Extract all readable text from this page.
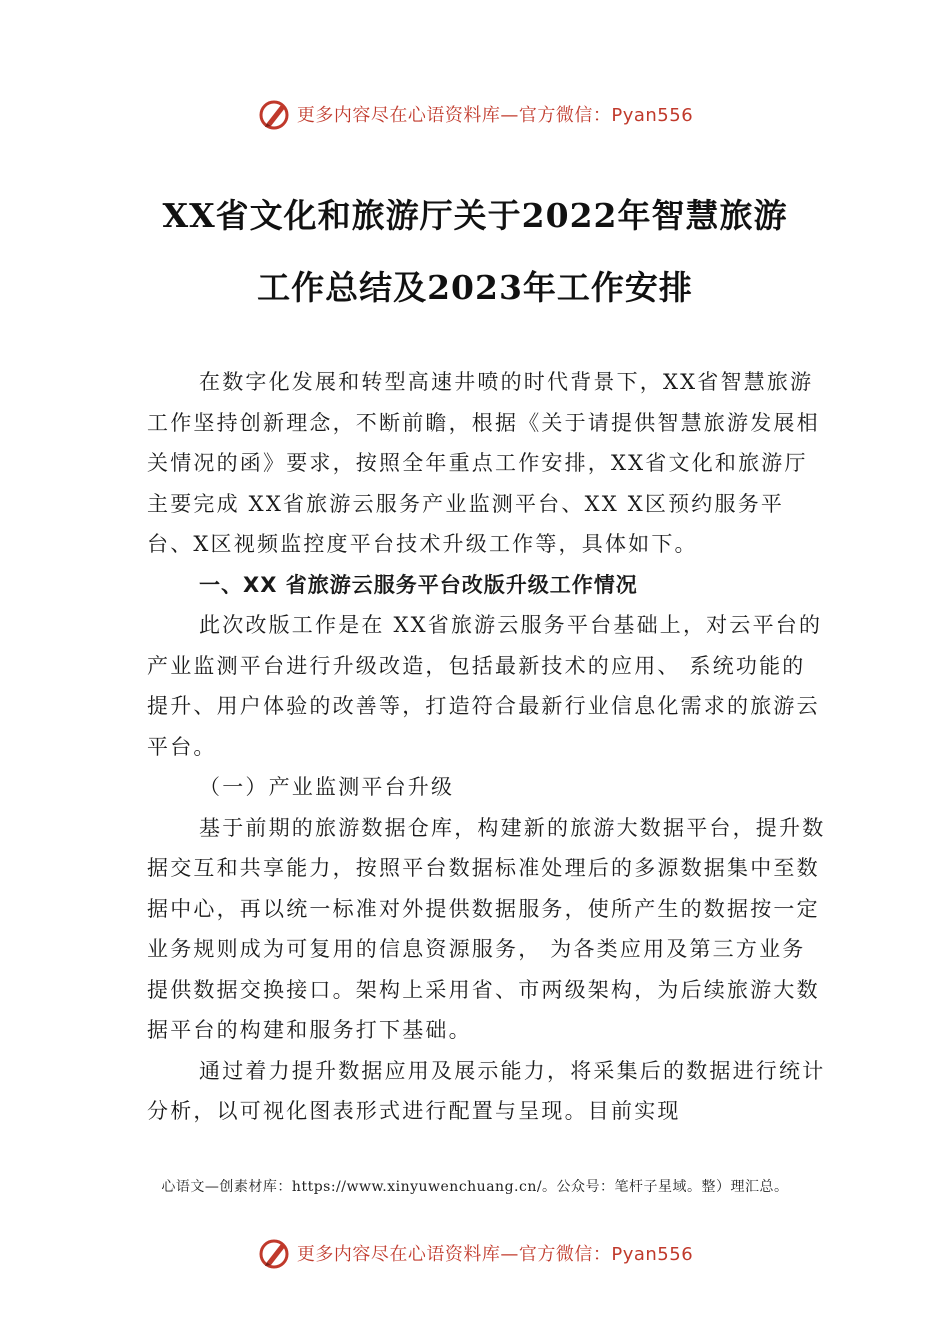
更多内容尽在心语资料库—官方微信：Pyan556
XX省文化和旅游厅关于2022年智慧旅游
工作总结及2023年工作安排

在数字化发展和转型高速井喷的时代背景下，XX省智慧旅游工作坚持创新理念，不断前瞻，根据《关于请提供智慧旅游发展相关情况的函》要求，按照全年重点工作安排，XX省文化和旅游厅主要完成 XX省旅游云服务产业监测平台、XX X区预约服务平台、X区视频监控度平台技术升级工作等，具体如下。

一、XX 省旅游云服务平台改版升级工作情况

此次改版工作是在 XX省旅游云服务平台基础上，对云平台的产业监测平台进行升级改造，包括最新技术的应用、 系统功能的提升、用户体验的改善等，打造符合最新行业信息化需求的旅游云平台。

（一）产业监测平台升级

基于前期的旅游数据仓库，构建新的旅游大数据平台，提升数据交互和共享能力，按照平台数据标准处理后的多源数据集中至数据中心，再以统一标准对外提供数据服务，使所产生的数据按一定业务规则成为可复用的信息资源服务， 为各类应用及第三方业务提供数据交换接口。架构上采用省、市两级架构，为后续旅游大数据平台的构建和服务打下基础。

通过着力提升数据应用及展示能力，将采集后的数据进行统计分析，以可视化图表形式进行配置与呈现。目前实现

心语文—创素材库：https://www.xinyuwenchuang.cn/。公众号：笔杆子星域。整）理汇总。
更多内容尽在心语资料库—官方微信：Pyan556
